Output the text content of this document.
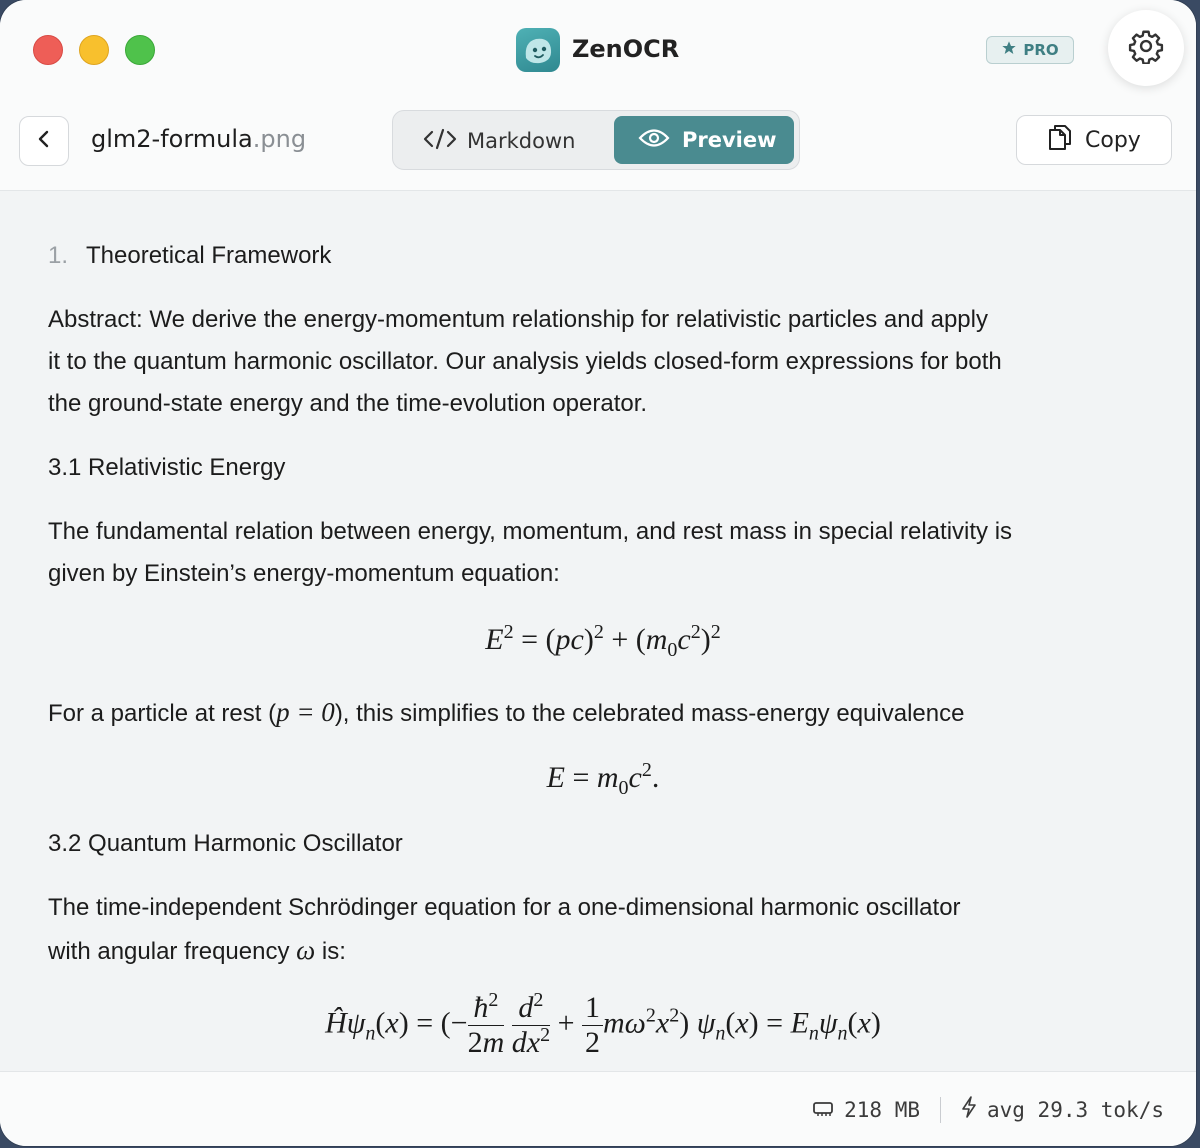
ZenOCR	PRO
glm2-formula.png	Markdown	Preview	Copy
1. Theoretical Framework
Abstract: We derive the energy-momentum relationship for relativistic particles and apply
it to the quantum harmonic oscillator. Our analysis yields closed-form expressions for both
the ground-state energy and the time-evolution operator.
3.1 Relativistic Energy
The fundamental relation between energy, momentum, and rest mass in special relativity is
given by Einstein’s energy-momentum equation:
$E^2 = (pc)^2 + (m_0c^2)^2$
For a particle at rest (p = 0), this simplifies to the celebrated mass-energy equivalence
$E = m_0c^2$.
3.2 Quantum Harmonic Oscillator
The time-independent Schrödinger equation for a one-dimensional harmonic oscillator
with angular frequency ω is:
$Ĥ\psi_n(x)$ = (− $\frac{ħ^2}{2m}$
$\frac{d^2}{dx^2} + \frac{1}{2} m\omega^2x^2$) $\psi_n(x) = E_n\psi_n(x)$
218 MB	avg 29.3 tok/s
